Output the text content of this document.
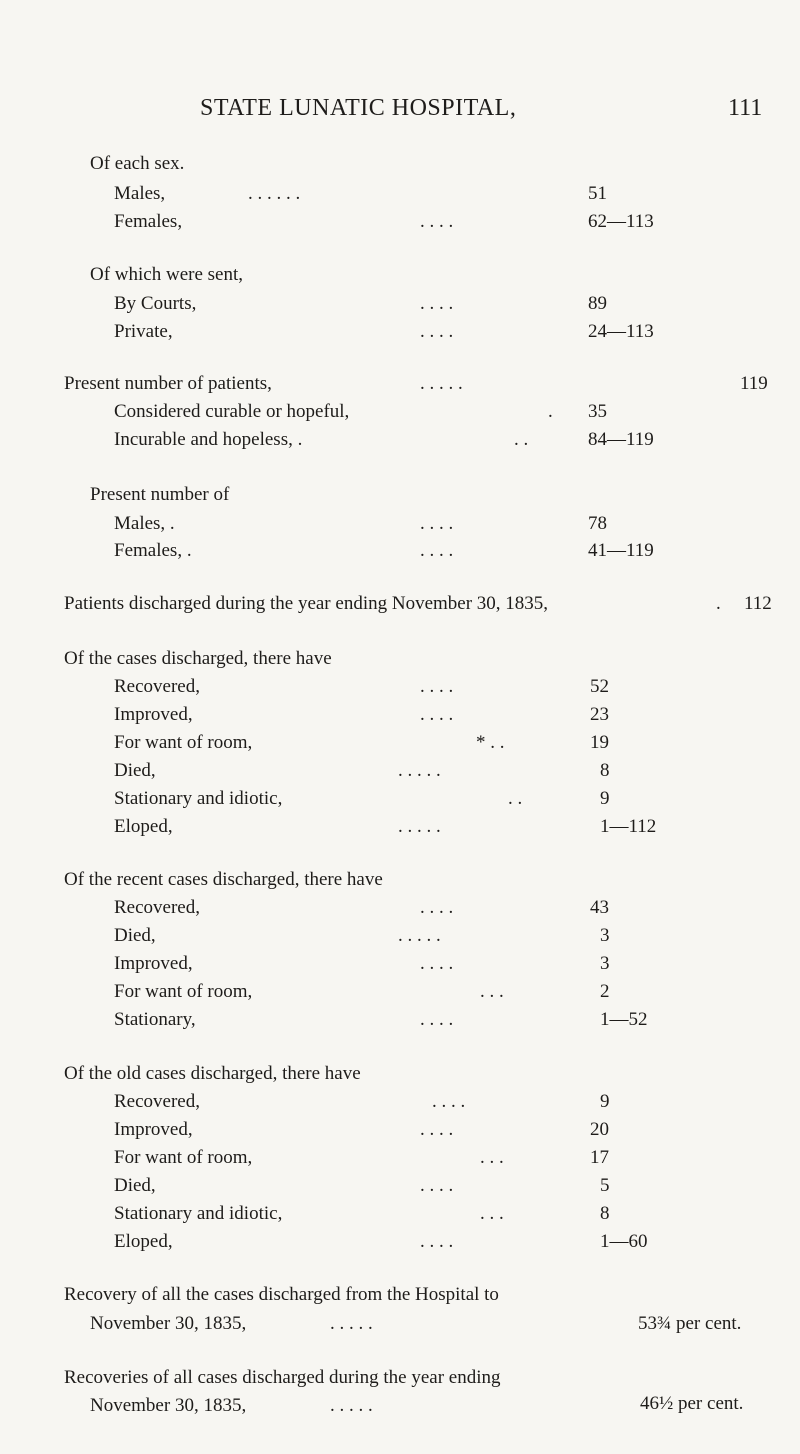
STATE LUNATIC HOSPITAL,	111
Of each sex.
Males,	. . . . . .	51
Females,	. . . .	62—113
Of which were sent,
By Courts,	. . . .	89
Private,	. . . .	24—113
Present number of patients,	. . . . .	119
Considered curable or hopeful,	. 35
Incurable and hopeless, .	. .	84—119
Present number of
Males, .	. . . .	78
Females, .	. . . .	41—119
Patients discharged during the year ending November 30, 1835,	. 112
Of the cases discharged, there have
Recovered,	. . . .	52
Improved,	. . . .	23
For want of room,	* . .	19
Died,	. . . . .	8
Stationary and idiotic,	. .	9
Eloped,	. . . . .	1—112
Of the recent cases discharged, there have
Recovered,	. . . .	43
Died,	. . . . .	3
Improved,	. . . .	3
For want of room,	. . .	2
Stationary,	. . . .	1—52
Of the old cases discharged, there have
Recovered,	. . . .	9
Improved,	. . . .	20
For want of room,	. . .	17
Died,	. . . .	5
Stationary and idiotic,	. . .	8
Eloped,	. . . .	1—60
Recovery of all the cases discharged from the Hospital to
November 30, 1835,	. . . . .	53¾ per cent.
Recoveries of all cases discharged during the year ending
November 30, 1835,	. . . . .	46½ per cent.
